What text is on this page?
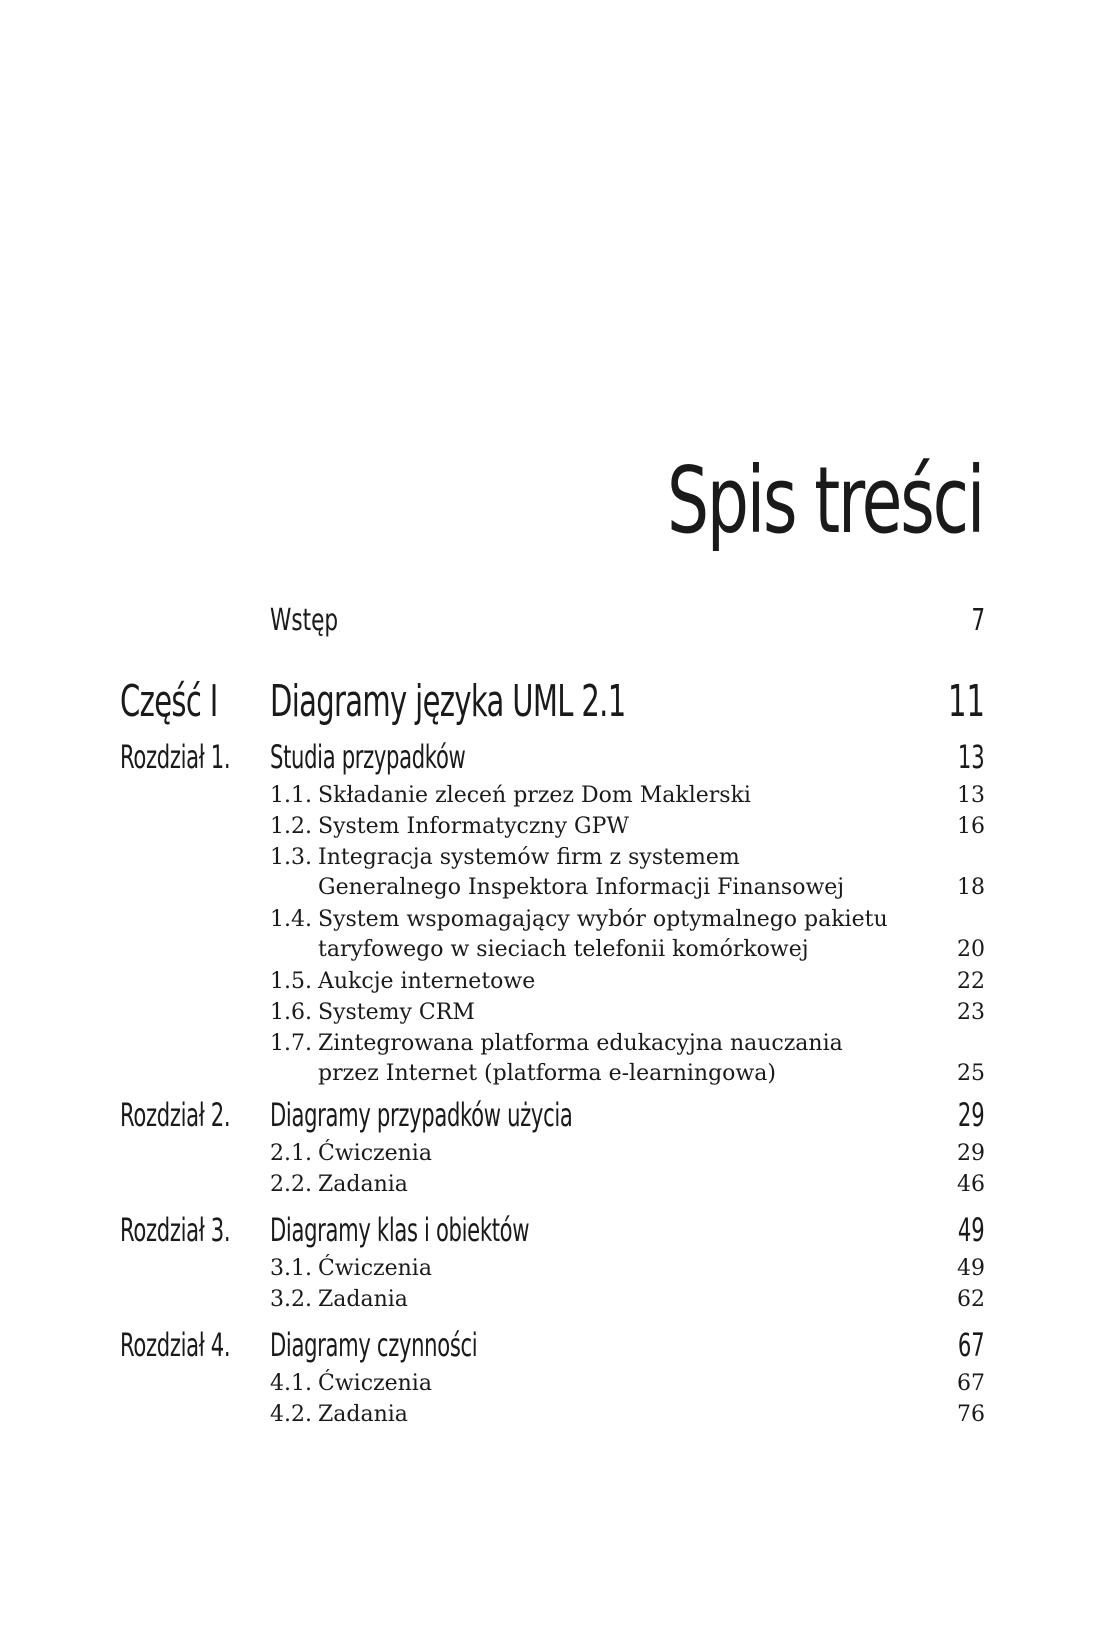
Spis treści
Wstęp	7
Część I	Diagramy języka UML 2.1	11
Rozdział 1.	Studia przypadków	13
1.1. Składanie zleceń przez Dom Maklerski	13
1.2. System Informatyczny GPW	16
1.3. Integracja systemów firm z systemem
Generalnego Inspektora Informacji Finansowej	18
1.4. System wspomagający wybór optymalnego pakietu
taryfowego w sieciach telefonii komórkowej	20
1.5. Aukcje internetowe	22
1.6. Systemy CRM	23
1.7. Zintegrowana platforma edukacyjna nauczania
przez Internet (platforma e-learningowa)	25
Rozdział 2.	Diagramy przypadków użycia	29
2.1. Ćwiczenia	29
2.2. Zadania	46
Rozdział 3.	Diagramy klas i obiektów	49
3.1. Ćwiczenia	49
3.2. Zadania	62
Rozdział 4.	Diagramy czynności	67
4.1. Ćwiczenia	67
4.2. Zadania	76
